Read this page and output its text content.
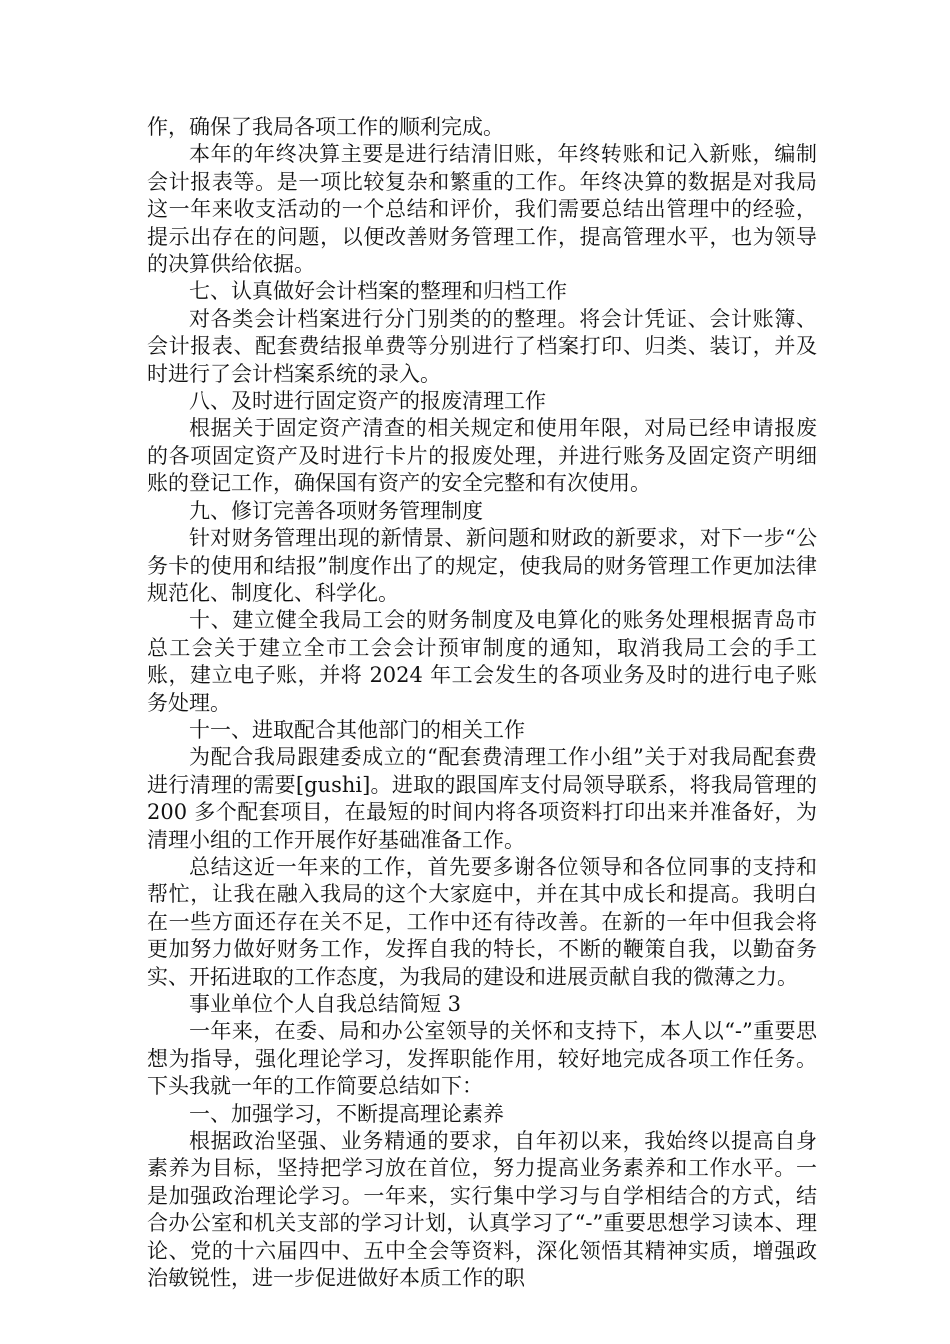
作，确保了我局各项工作的顺利完成。

本年的年终决算主要是进行结清旧账，年终转账和记入新账，编制会计报表等。是一项比较复杂和繁重的工作。年终决算的数据是对我局这一年来收支活动的一个总结和评价，我们需要总结出管理中的经验，提示出存在的问题，以便改善财务管理工作，提高管理水平，也为领导的决算供给依据。

七、认真做好会计档案的整理和归档工作

对各类会计档案进行分门别类的的整理。将会计凭证、会计账簿、会计报表、配套费结报单费等分别进行了档案打印、归类、装订，并及时进行了会计档案系统的录入。

八、及时进行固定资产的报废清理工作

根据关于固定资产清查的相关规定和使用年限，对局已经申请报废的各项固定资产及时进行卡片的报废处理，并进行账务及固定资产明细账的登记工作，确保国有资产的安全完整和有次使用。

九、修订完善各项财务管理制度

针对财务管理出现的新情景、新问题和财政的新要求，对下一步“公务卡的使用和结报”制度作出了的规定，使我局的财务管理工作更加法律规范化、制度化、科学化。

十、建立健全我局工会的财务制度及电算化的账务处理根据青岛市总工会关于建立全市工会会计预审制度的通知，取消我局工会的手工账，建立电子账，并将 2024 年工会发生的各项业务及时的进行电子账务处理。

十一、进取配合其他部门的相关工作

为配合我局跟建委成立的“配套费清理工作小组”关于对我局配套费进行清理的需要[gushi]。进取的跟国库支付局领导联系，将我局管理的 200 多个配套项目，在最短的时间内将各项资料打印出来并准备好，为清理小组的工作开展作好基础准备工作。

总结这近一年来的工作，首先要多谢各位领导和各位同事的支持和帮忙，让我在融入我局的这个大家庭中，并在其中成长和提高。我明白在一些方面还存在关不足，工作中还有待改善。在新的一年中但我会将更加努力做好财务工作，发挥自我的特长，不断的鞭策自我，以勤奋务实、开拓进取的工作态度，为我局的建设和进展贡献自我的微薄之力。

事业单位个人自我总结简短 3

一年来，在委、局和办公室领导的关怀和支持下，本人以“-”重要思想为指导，强化理论学习，发挥职能作用，较好地完成各项工作任务。下头我就一年的工作简要总结如下：

一、加强学习，不断提高理论素养

根据政治坚强、业务精通的要求，自年初以来，我始终以提高自身素养为目标，坚持把学习放在首位，努力提高业务素养和工作水平。一是加强政治理论学习。一年来，实行集中学习与自学相结合的方式，结合办公室和机关支部的学习计划，认真学习了“-”重要思想学习读本、理论、党的十六届四中、五中全会等资料，深化领悟其精神实质，增强政治敏锐性，进一步促进做好本质工作的职
